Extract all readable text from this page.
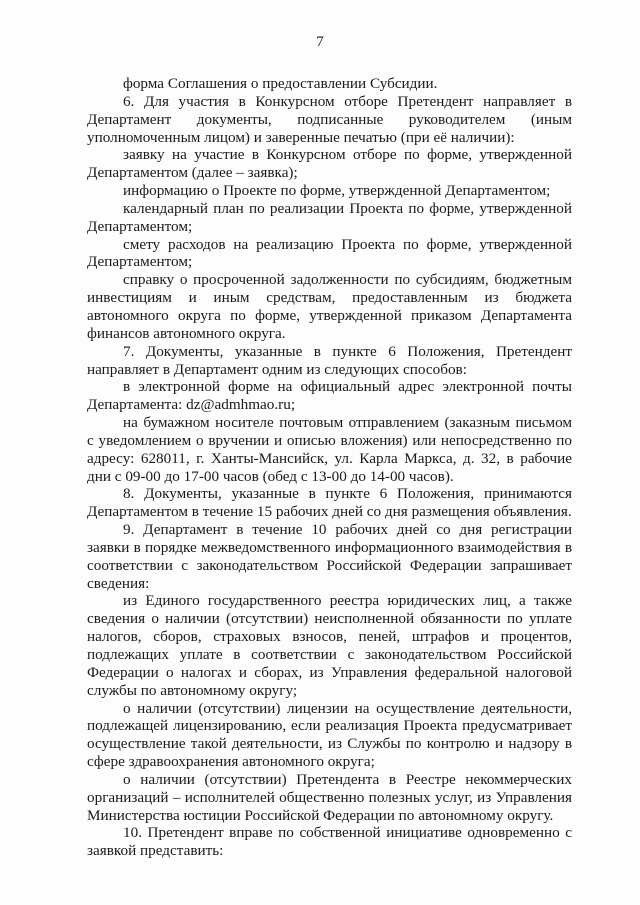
7

форма Соглашения о предоставлении Субсидии.

6. Для участия в Конкурсном отборе Претендент направляет в Департамент документы, подписанные руководителем (иным уполномоченным лицом) и заверенные печатью (при её наличии):

заявку на участие в Конкурсном отборе по форме, утвержденной Департаментом (далее – заявка);

информацию о Проекте по форме, утвержденной Департаментом;

календарный план по реализации Проекта по форме, утвержденной Департаментом;

смету расходов на реализацию Проекта по форме, утвержденной Департаментом;

справку о просроченной задолженности по субсидиям, бюджетным инвестициям и иным средствам, предоставленным из бюджета автономного округа по форме, утвержденной приказом Департамента финансов автономного округа.

7. Документы, указанные в пункте 6 Положения, Претендент направляет в Департамент одним из следующих способов:

в электронной форме на официальный адрес электронной почты Департамента: dz@admhmao.ru;

на бумажном носителе почтовым отправлением (заказным письмом с уведомлением о вручении и описью вложения) или непосредственно по адресу: 628011, г. Ханты-Мансийск, ул. Карла Маркса, д. 32, в рабочие дни с 09-00 до 17-00 часов (обед с 13-00 до 14-00 часов).

8. Документы, указанные в пункте 6 Положения, принимаются Департаментом в течение 15 рабочих дней со дня размещения объявления.

9. Департамент в течение 10 рабочих дней со дня регистрации заявки в порядке межведомственного информационного взаимодействия в соответствии с законодательством Российской Федерации запрашивает сведения:

из Единого государственного реестра юридических лиц, а также сведения о наличии (отсутствии) неисполненной обязанности по уплате налогов, сборов, страховых взносов, пеней, штрафов и процентов, подлежащих уплате в соответствии с законодательством Российской Федерации о налогах и сборах, из Управления федеральной налоговой службы по автономному округу;

о наличии (отсутствии) лицензии на осуществление деятельности, подлежащей лицензированию, если реализация Проекта предусматривает осуществление такой деятельности, из Службы по контролю и надзору в сфере здравоохранения автономного округа;

о наличии (отсутствии) Претендента в Реестре некоммерческих организаций – исполнителей общественно полезных услуг, из Управления Министерства юстиции Российской Федерации по автономному округу.

10. Претендент вправе по собственной инициативе одновременно с заявкой представить:
